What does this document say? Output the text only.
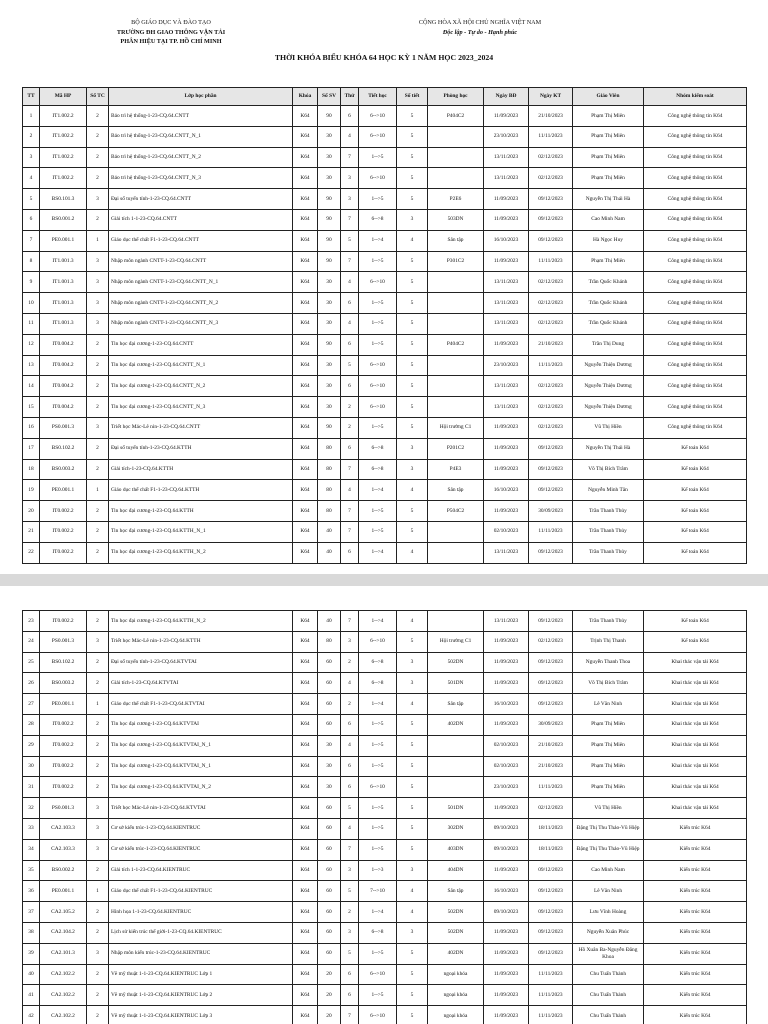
BỘ GIÁO DỤC VÀ ĐÀO TẠO
TRƯỜNG ĐH GIAO THÔNG VẬN TẢI
PHÂN HIỆU TẠI TP. HỒ CHÍ MINH
CỘNG HÒA XÃ HỘI CHỦ NGHĨA VIỆT NAM
Độc lập - Tự do - Hạnh phúc
THỜI KHÓA BIỂU KHÓA 64 HỌC KỲ 1 NĂM HỌC 2023_2024
TT	Mã HP	Số TC	Lớp học phần	Khóa	Số SV	Thứ	Tiết học	Số tiết	Phòng học	Ngày BĐ	Ngày KT	Giáo Viên	Nhóm kiểm soát
1	IT1.002.2	2	Bảo trì hệ thống-1-23-CQ.64.CNTT	K64	90	6	6-->10	5	P404C2	11/09/2023	21/10/2023	Phạm Thị Miên	Công nghệ thông tin K64
2	IT1.002.2	2	Bảo trì hệ thống-1-23-CQ.64.CNTT_N_1	K64	30	4	6-->10	5		23/10/2023	11/11/2023	Phạm Thị Miên	Công nghệ thông tin K64
3	IT1.002.2	2	Bảo trì hệ thống-1-23-CQ.64.CNTT_N_2	K64	30	7	1-->5	5		13/11/2023	02/12/2023	Phạm Thị Miên	Công nghệ thông tin K64
4	IT1.002.2	2	Bảo trì hệ thống-1-23-CQ.64.CNTT_N_3	K64	30	3	6-->10	5		13/11/2023	02/12/2023	Phạm Thị Miên	Công nghệ thông tin K64
5	BS0.101.3	3	Đại số tuyến tính-1-23-CQ.64.CNTT	K64	90	3	1-->5	5	P2E6	11/09/2023	09/12/2023	Nguyễn Thị Thái Hà	Công nghệ thông tin K64
6	BS0.001.2	2	Giải tích 1-1-23-CQ.64.CNTT	K64	90	7	6-->8	3	503DN	11/09/2023	09/12/2023	Cao Minh Nam	Công nghệ thông tin K64
7	PE0.001.1	1	Giáo dục thể chất F1-1-23-CQ.64.CNTT	K64	90	5	1-->4	4	Sân tập	16/10/2023	09/12/2023	Hà Ngọc Huy	Công nghệ thông tin K64
8	IT1.001.3	3	Nhập môn ngành CNTT-1-23-CQ.64.CNTT	K64	90	7	1-->5	5	P301C2	11/09/2023	11/11/2023	Phạm Thị Miên	Công nghệ thông tin K64
9	IT1.001.3	3	Nhập môn ngành CNTT-1-23-CQ.64.CNTT_N_1	K64	30	4	6-->10	5		13/11/2023	02/12/2023	Trần Quốc Khánh	Công nghệ thông tin K64
10	IT1.001.3	3	Nhập môn ngành CNTT-1-23-CQ.64.CNTT_N_2	K64	30	6	1-->5	5		13/11/2023	02/12/2023	Trần Quốc Khánh	Công nghệ thông tin K64
11	IT1.001.3	3	Nhập môn ngành CNTT-1-23-CQ.64.CNTT_N_3	K64	30	4	1-->5	5		13/11/2023	02/12/2023	Trần Quốc Khánh	Công nghệ thông tin K64
12	IT0.004.2	2	Tin học đại cương-1-23-CQ.64.CNTT	K64	90	6	1-->5	5	P404C2	11/09/2023	21/10/2023	Trần Thị Dung	Công nghệ thông tin K64
13	IT0.004.2	2	Tin học đại cương-1-23-CQ.64.CNTT_N_1	K64	30	5	6-->10	5		23/10/2023	11/11/2023	Nguyễn Thiện Dương	Công nghệ thông tin K64
14	IT0.004.2	2	Tin học đại cương-1-23-CQ.64.CNTT_N_2	K64	30	6	6-->10	5		13/11/2023	02/12/2023	Nguyễn Thiện Dương	Công nghệ thông tin K64
15	IT0.004.2	2	Tin học đại cương-1-23-CQ.64.CNTT_N_3	K64	30	2	6-->10	5		13/11/2023	02/12/2023	Nguyễn Thiện Dương	Công nghệ thông tin K64
16	PS0.001.3	3	Triết học Mác-Lê nin-1-23-CQ.64.CNTT	K64	90	2	1-->5	5	Hội trường C1	11/09/2023	02/12/2023	Vũ Thị Hiền	Công nghệ thông tin K64
17	BS0.102.2	2	Đại số tuyến tính-1-23-CQ.64.KTTH	K64	80	6	6-->8	3	P201C2	11/09/2023	09/12/2023	Nguyễn Thị Thái Hà	Kế toán K64
18	BS0.003.2	2	Giải tích-1-23-CQ.64.KTTH	K64	80	7	6-->8	3	P4E3	11/09/2023	09/12/2023	Võ Thị Bích Trâm	Kế toán K64
19	PE0.001.1	1	Giáo dục thể chất F1-1-23-CQ.64.KTTH	K64	80	4	1-->4	4	Sân tập	16/10/2023	09/12/2023	Nguyễn Minh Tân	Kế toán K64
20	IT0.002.2	2	Tin học đại cương-1-23-CQ.64.KTTH	K64	80	7	1-->5	5	P504C2	11/09/2023	30/09/2023	Trần Thanh Thủy	Kế toán K64
21	IT0.002.2	2	Tin học đại cương-1-23-CQ.64.KTTH_N_1	K64	40	7	1-->5	5		02/10/2023	11/11/2023	Trần Thanh Thủy	Kế toán K64
22	IT0.002.2	2	Tin học đại cương-1-23-CQ.64.KTTH_N_2	K64	40	6	1-->4	4		13/11/2023	09/12/2023	Trần Thanh Thủy	Kế toán K64
23	IT0.002.2	2	Tin học đại cương-1-23-CQ.64.KTTH_N_2	K64	40	7	1-->4	4		13/11/2023	09/12/2023	Trần Thanh Thủy	Kế toán K64
24	PS0.001.3	3	Triết học Mác-Lê nin-1-23-CQ.64.KTTH	K64	80	3	6-->10	5	Hội trường C1	11/09/2023	02/12/2023	Trịnh Thị Thanh	Kế toán K64
25	BS0.102.2	2	Đại số tuyến tính-1-23-CQ.64.KTVTAI	K64	60	2	6-->8	3	502DN	11/09/2023	09/12/2023	Nguyễn Thanh Thoa	Khai thác vận tải K64
26	BS0.003.2	2	Giải tích-1-23-CQ.64.KTVTAI	K64	60	4	6-->8	3	501DN	11/09/2023	09/12/2023	Võ Thị Bích Trâm	Khai thác vận tải K64
27	PE0.001.1	1	Giáo dục thể chất F1-1-23-CQ.64.KTVTAI	K64	60	2	1-->4	4	Sân tập	16/10/2023	09/12/2023	Lê Văn Ninh	Khai thác vận tải K64
28	IT0.002.2	2	Tin học đại cương-1-23-CQ.64.KTVTAI	K64	60	6	1-->5	5	402DN	11/09/2023	30/09/2023	Phạm Thị Miên	Khai thác vận tải K64
29	IT0.002.2	2	Tin học đại cương-1-23-CQ.64.KTVTAI_N_1	K64	30	4	1-->5	5		02/10/2023	21/10/2023	Phạm Thị Miên	Khai thác vận tải K64
30	IT0.002.2	2	Tin học đại cương-1-23-CQ.64.KTVTAI_N_1	K64	30	6	1-->5	5		02/10/2023	21/10/2023	Phạm Thị Miên	Khai thác vận tải K64
31	IT0.002.2	2	Tin học đại cương-1-23-CQ.64.KTVTAI_N_2	K64	30	6	6-->10	5		23/10/2023	11/11/2023	Phạm Thị Miên	Khai thác vận tải K64
32	PS0.001.3	3	Triết học Mác-Lê nin-1-23-CQ.64.KTVTAI	K64	60	5	1-->5	5	501DN	11/09/2023	02/12/2023	Vũ Thị Hiền	Khai thác vận tải K64
33	CA2.103.3	3	Cơ sở kiến trúc-1-23-CQ.64.KIENTRUC	K64	60	4	1-->5	5	302DN	09/10/2023	18/11/2023	Đặng Thị Thu Thảo-Vũ Hiệp	Kiến trúc K64
34	CA2.103.3	3	Cơ sở kiến trúc-1-23-CQ.64.KIENTRUC	K64	60	7	1-->5	5	403DN	09/10/2023	18/11/2023	Đặng Thị Thu Thảo-Vũ Hiệp	Kiến trúc K64
35	BS0.002.2	2	Giải tích 1-1-23-CQ.64.KIENTRUC	K64	60	3	1-->3	3	404DN	11/09/2023	09/12/2023	Cao Minh Nam	Kiến trúc K64
36	PE0.001.1	1	Giáo dục thể chất F1-1-23-CQ.64.KIENTRUC	K64	60	5	7-->10	4	Sân tập	16/10/2023	09/12/2023	Lê Văn Ninh	Kiến trúc K64
37	CA2.105.2	2	Hình họa 1-1-23-CQ.64.KIENTRUC	K64	60	2	1-->4	4	502DN	09/10/2023	09/12/2023	Lưu Vĩnh Hoàng	Kiến trúc K64
38	CA2.104.2	2	Lịch sử kiến trúc thế giới-1-23-CQ.64.KIENTRUC	K64	60	3	6-->8	3	502DN	11/09/2023	09/12/2023	Nguyễn Xuân Phúc	Kiến trúc K64
39	CA2.101.3	3	Nhập môn kiến trúc-1-23-CQ.64.KIENTRUC	K64	60	5	1-->5	5	402DN	11/09/2023	09/12/2023	Hồ Xuân Ba-Nguyễn Đăng Khoa	Kiến trúc K64
40	CA2.102.2	2	Vẽ mỹ thuật 1-1-23-CQ.64.KIENTRUC Lớp 1	K64	20	6	6-->10	5	ngoại khóa	11/09/2023	11/11/2023	Chu Tuấn Thành	Kiến trúc K64
41	CA2.102.2	2	Vẽ mỹ thuật 1-1-23-CQ.64.KIENTRUC Lớp 2	K64	20	6	1-->5	5	ngoại khóa	11/09/2023	11/11/2023	Chu Tuấn Thành	Kiến trúc K64
42	CA2.102.2	2	Vẽ mỹ thuật 1-1-23-CQ.64.KIENTRUC Lớp 3	K64	20	7	6-->10	5	ngoại khóa	11/09/2023	11/11/2023	Chu Tuấn Thành	Kiến trúc K64
